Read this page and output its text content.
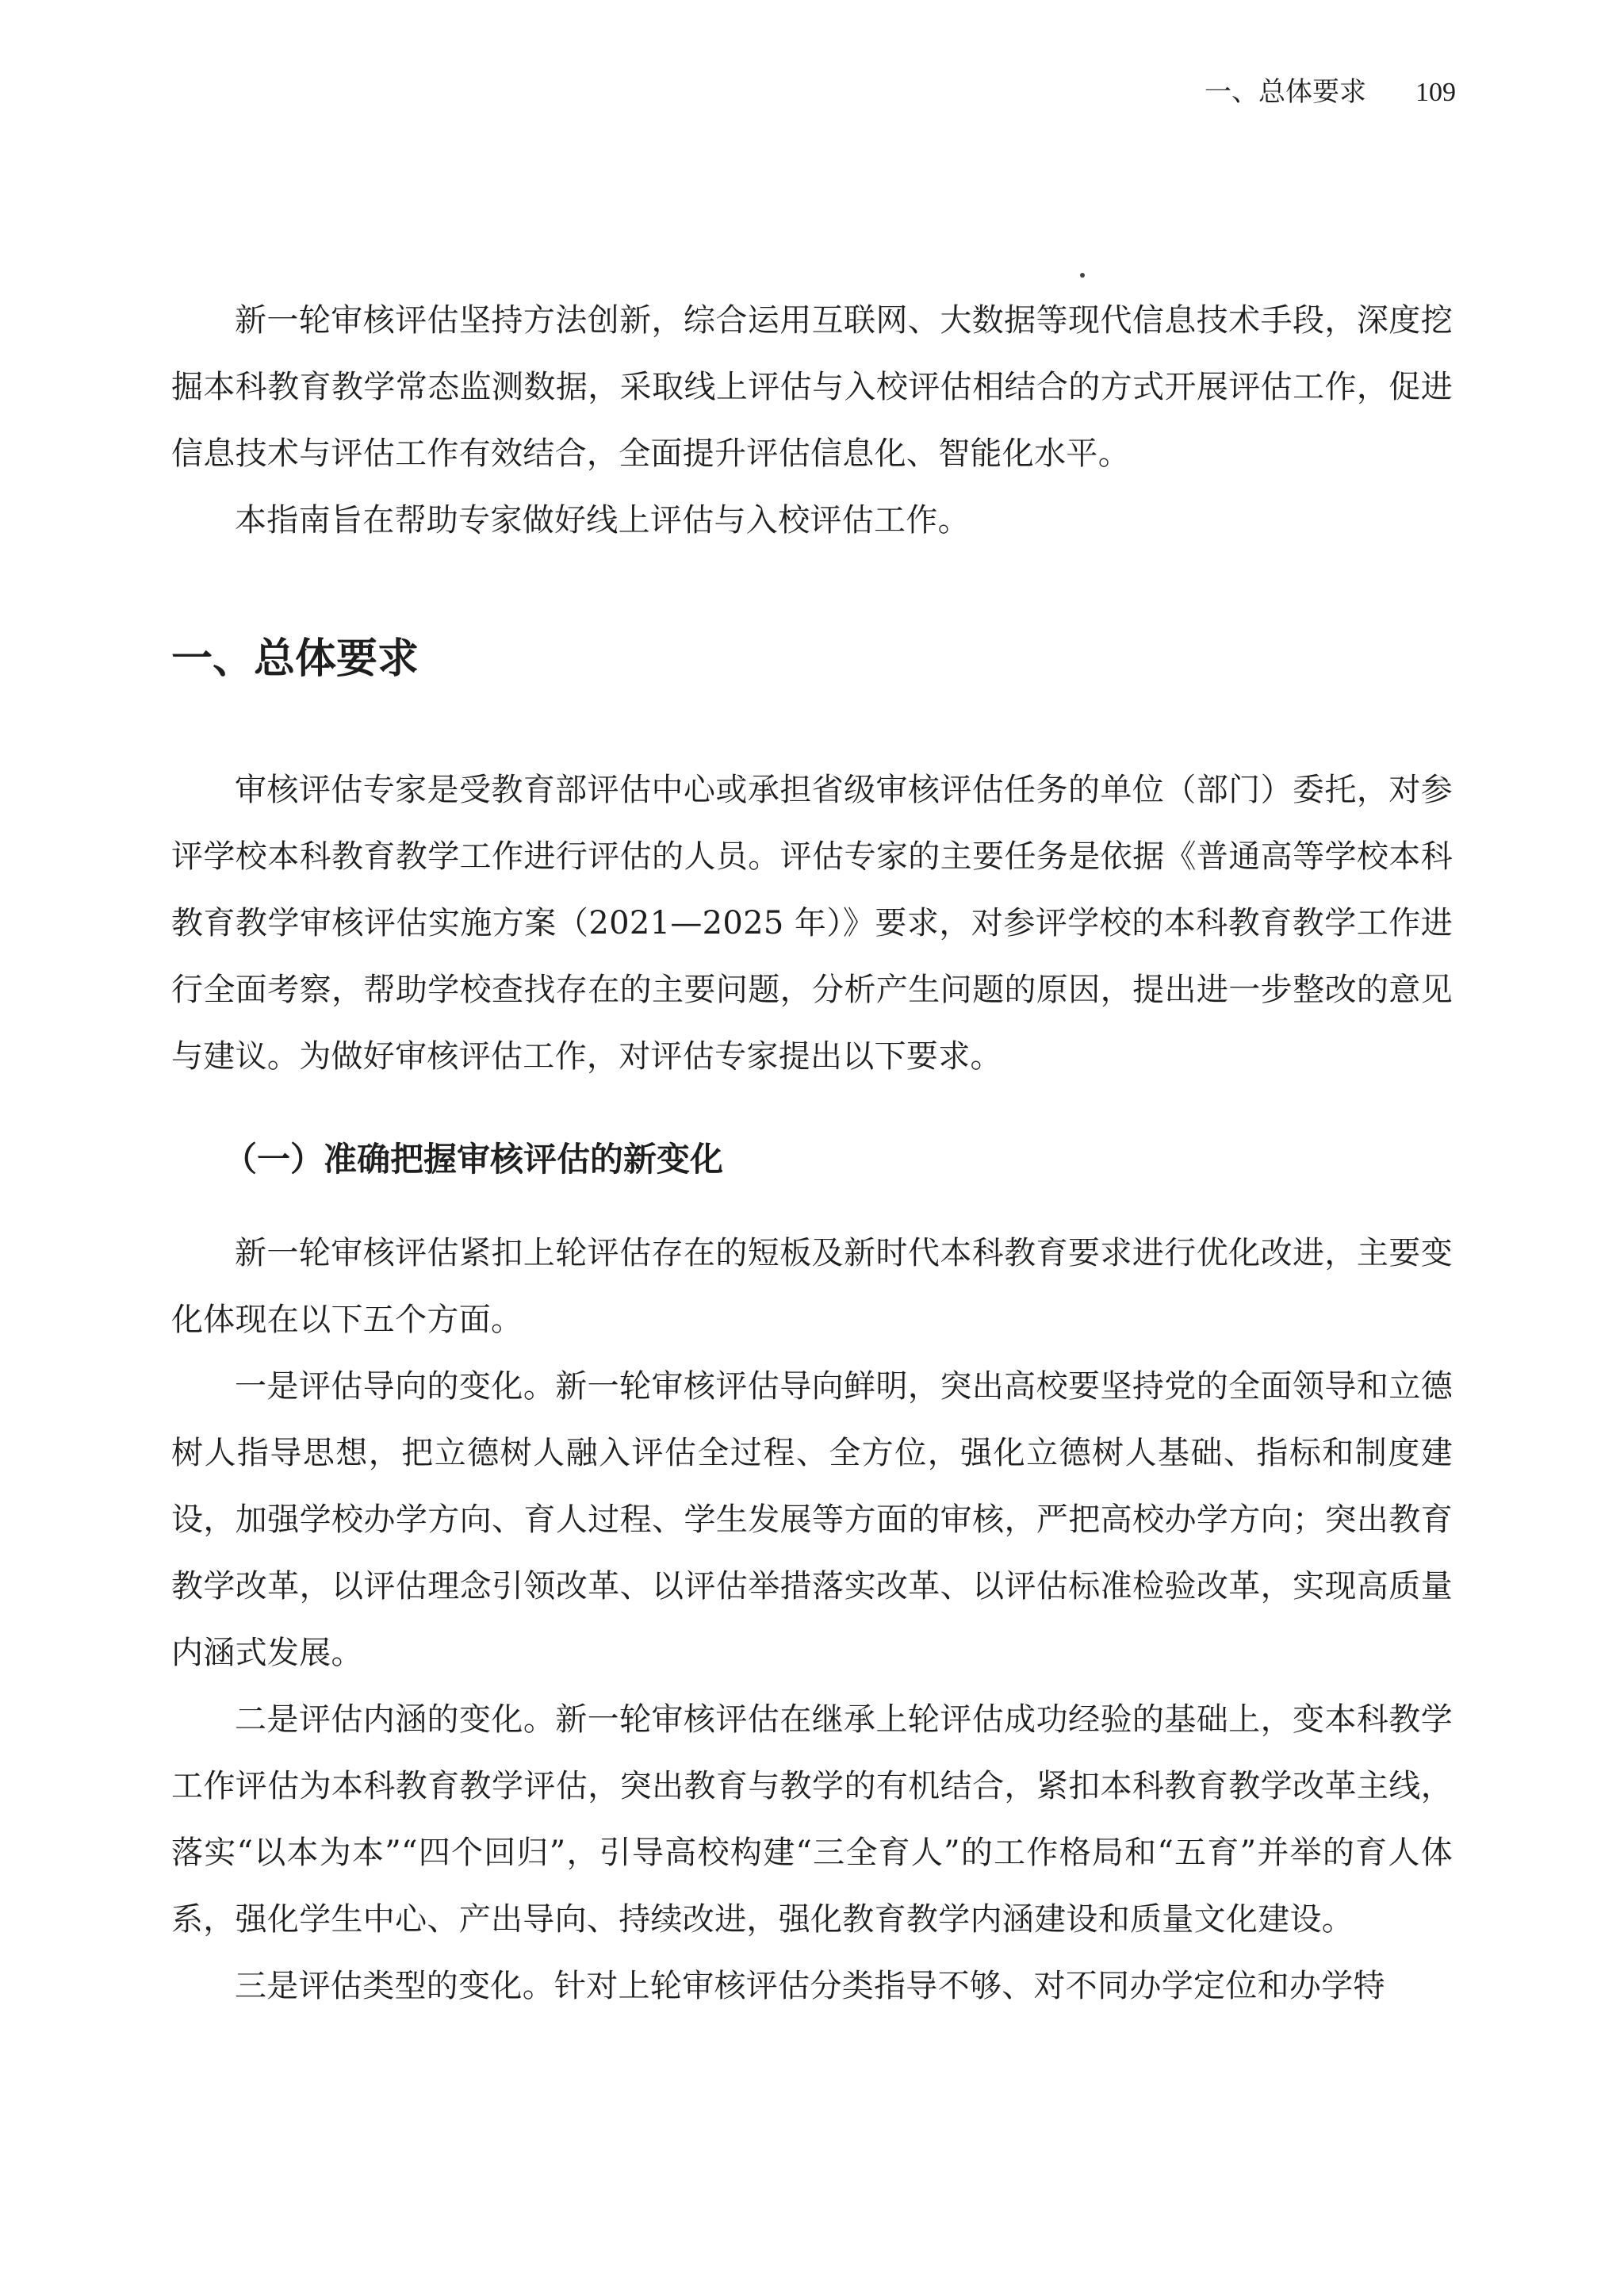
一、总体要求 109

新一轮审核评估坚持方法创新，综合运用互联网、大数据等现代信息技术手段，深度挖掘本科教育教学常态监测数据，采取线上评估与入校评估相结合的方式开展评估工作，促进信息技术与评估工作有效结合，全面提升评估信息化、智能化水平。

本指南旨在帮助专家做好线上评估与入校评估工作。

一、总体要求

审核评估专家是受教育部评估中心或承担省级审核评估任务的单位（部门）委托，对参评学校本科教育教学工作进行评估的人员。评估专家的主要任务是依据《普通高等学校本科教育教学审核评估实施方案（2021—2025 年）》要求，对参评学校的本科教育教学工作进行全面考察，帮助学校查找存在的主要问题，分析产生问题的原因，提出进一步整改的意见与建议。为做好审核评估工作，对评估专家提出以下要求。

（一）准确把握审核评估的新变化

新一轮审核评估紧扣上轮评估存在的短板及新时代本科教育要求进行优化改进，主要变化体现在以下五个方面。

一是评估导向的变化。新一轮审核评估导向鲜明，突出高校要坚持党的全面领导和立德树人指导思想，把立德树人融入评估全过程、全方位，强化立德树人基础、指标和制度建设，加强学校办学方向、育人过程、学生发展等方面的审核，严把高校办学方向；突出教育教学改革，以评估理念引领改革、以评估举措落实改革、以评估标准检验改革，实现高质量内涵式发展。

二是评估内涵的变化。新一轮审核评估在继承上轮评估成功经验的基础上，变本科教学工作评估为本科教育教学评估，突出教育与教学的有机结合，紧扣本科教育教学改革主线，落实“以本为本”“四个回归”，引导高校构建“三全育人”的工作格局和“五育”并举的育人体系，强化学生中心、产出导向、持续改进，强化教育教学内涵建设和质量文化建设。

三是评估类型的变化。针对上轮审核评估分类指导不够、对不同办学定位和办学特
